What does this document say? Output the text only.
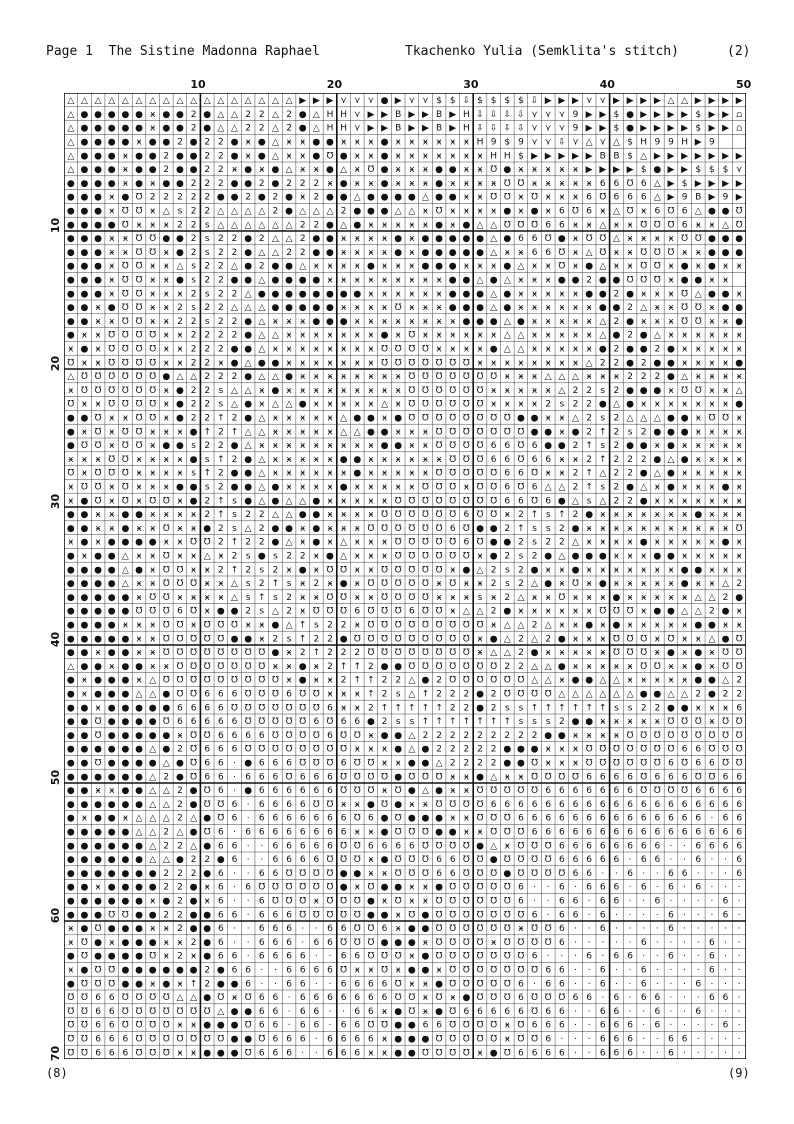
Page 1  The Sistine Madonna Raphael	Tkachenko Yulia (Semklita's stitch)	(2)
10	20	30	40	50
10
20
30
40
50
60
70
△ △ △ △ △ △ △ △ △ △ △ △ △ △ △ △ △ ▶ ▶ ▶ ⋎ ⋎ ⋎ ● ▶ ⋎ ⋎ $ $ ⇩ $ $ $ $ ⇩ ▶ ▶ ▶ ⋎ ⋎ ▶ ▶ ▶ ▶ △ △ ▶ ▶ ▶ ▶
△ ● ● ● ● ● ӿ ● ● 2 ● △ △ 2 2 △ 2 ● △ H H ⋎ ▶ ▶ B ▶ ▶ B ▶ H ⇩ ⇩ ⇩ ⇩ ⋎ ⋎ ⋎ 9 ▶ ▶ $ ● ▶ ▶ ▶ ▶ $ ▶ ▶ ⩍
△ ● ● ● ● ● ӿ ● ● 2 ● △ △ 2 2 △ 2 ● △ H H ⋎ ▶ ▶ B ▶ ▶ B ▶ H ⇩ ⇩ ⇩ ⇩ ⋎ ⋎ ⋎ 9 ▶ ▶ $ ● ▶ ▶ ▶ ▶ $ ▶ ▶ ⩍
△ ● ● ● ● ӿ ● ● 2 ● 2 2 ● ӿ ● △ ӿ ӿ ● ● ӿ ӿ ӿ ● ӿ ӿ ӿ ӿ ӿ ӿ H 9 $ 9 ⋎ ⋎ ⇩ ⋎ △ ⋎ △ $ H 9 9 H ▶ 9
△ ● ● ● ӿ ● ● 2 ● ● 2 2 ● ӿ ● △ ӿ ӿ ● Ʊ ● ӿ ӿ ● ӿ ӿ ӿ ӿ ӿ ӿ ӿ H H $ ▶ ▶ ▶ ▶ ▶ B B $ △ ▶ ▶ ▶ ▶ ▶ ▶ ▶
△ ● ● ● ӿ ● ● 2 ● ● 2 2 ӿ ● ӿ ● △ ӿ ӿ ● △ ӿ Ʊ ● ӿ ӿ ӿ ● ● ӿ ӿ Ʊ ● ӿ ӿ ӿ ӿ ӿ ▶ ▶ ▶ ▶ $ ● ▶ ▶ $ $ $ ⋎
● ● ● ● ӿ ● ӿ ● ● 2 2 2 ● ● 2 ● 2 2 2 ӿ ● ӿ ӿ ● ӿ ӿ ӿ ● ӿ ӿ ӿ ӿ Ʊ Ʊ ӿ ӿ ӿ ӿ ӿ 6 6 Ʊ 6 △ ▶ $ ▶ ▶ ▶ ▶
● ● ● ӿ ● Ʊ 2 2 2 2 2 ● ● 2 ● 2 ● ӿ 2 ● ● △ ● ● ● ● △ ● ● ӿ ӿ Ʊ Ʊ ӿ Ʊ ӿ ӿ ӿ 6 Ʊ 6 6 6 △ ▶ 9 B ▶ 9 ▶
● ● ● ӿ Ʊ Ʊ ӿ △ s 2 2 △ △ △ △ 2 ● △ △ △ 2 ● ● ● △ △ ӿ Ʊ ӿ ӿ ӿ ӿ ● ӿ ● ӿ 6 Ʊ 6 ӿ △ Ʊ ӿ 6 Ʊ 6 △ ● ● Ʊ
● ● ● ● Ʊ ӿ ӿ ӿ 2 2 s △ △ △ △ △ △ 2 2 ● △ ● ӿ ӿ ӿ ӿ ӿ ● ӿ ● △ △ Ʊ Ʊ Ʊ 6 6 ӿ ӿ △ ӿ ӿ Ʊ Ʊ Ʊ 6 ӿ ӿ △ Ʊ
● ● ● ӿ ӿ Ʊ Ʊ ● ● 2 s 2 2 ● 2 △ △ 2 ● ● ӿ ӿ ӿ ӿ ● ӿ ● ● ● ● ● △ ● 6 6 Ʊ ● ӿ Ʊ Ʊ △ ӿ ӿ ӿ ӿ Ʊ Ʊ ● ● ●
● ● ● ӿ ӿ Ʊ Ʊ ӿ ● 2 s 2 2 ● △ △ 2 2 ● ● ӿ ӿ ӿ ӿ ● ӿ ● ● ● ● ● △ ӿ ӿ 6 6 Ʊ ӿ △ Ʊ ӿ ӿ Ʊ Ʊ Ʊ ӿ ӿ ● ● ●
● ● ● ӿ Ʊ Ʊ ӿ ӿ △ s 2 2 △ ● 2 ● ● △ ӿ ӿ ӿ ӿ ● ӿ ӿ ӿ ● ● ● ӿ ӿ ӿ ● △ ӿ ӿ Ʊ ӿ ● △ ӿ ӿ Ʊ Ʊ ӿ ● ӿ ● ӿ ӿ
● ● ● ӿ Ʊ Ʊ ӿ ӿ ● s 2 2 ● ● △ ● ● ● ● ӿ ӿ ӿ ӿ ӿ ӿ ӿ ӿ ӿ ● ● △ ● △ ӿ ӿ ӿ ● ● 2 ● ● Ʊ Ʊ Ʊ ӿ ● ● ӿ ӿ
● ● ● ӿ Ʊ Ʊ ӿ ӿ ӿ 2 s 2 2 △ ● ● ● ● ● ● ● ● ӿ ӿ ӿ ӿ ӿ ӿ ● ● ● △ ● ӿ ӿ ӿ ӿ ӿ ● ● 2 ● ӿ ӿ ӿ Ʊ △ ● ● ӿ
● ● ӿ ● Ʊ Ʊ ӿ ӿ 2 s 2 2 △ △ △ ● ● ● ● ● ӿ ӿ ӿ ӿ Ʊ ӿ ӿ ӿ ● ● ● △ ● ӿ ӿ ӿ ӿ ӿ ӿ ● ● 2 △ ӿ ӿ Ʊ Ʊ ӿ ● ●
● ● ӿ ӿ Ʊ Ʊ ӿ ӿ 2 2 s 2 2 ● △ ӿ ӿ ӿ ● ● ● ӿ ӿ ӿ ӿ ӿ ӿ ӿ ӿ ● ● ● △ ● ӿ ӿ ӿ ӿ ӿ △ 2 ● ӿ ӿ ӿ Ʊ Ʊ ӿ ӿ ●
● ӿ ӿ Ʊ Ʊ Ʊ Ʊ ӿ ӿ 2 2 2 2 ● △ △ ӿ ӿ ӿ ӿ ӿ ӿ ӿ ● ӿ Ʊ ӿ ӿ ӿ ӿ ӿ ӿ △ △ ӿ ӿ ӿ ӿ ӿ △ ● 2 ● △ ӿ ӿ ӿ ӿ ӿ ӿ
ӿ ● ӿ Ʊ Ʊ Ʊ Ʊ ӿ ӿ 2 2 2 ● ● △ ӿ ӿ ӿ ӿ ӿ ӿ ӿ ӿ Ʊ Ʊ Ʊ Ʊ ӿ ӿ ӿ ӿ ● △ △ ӿ ӿ ӿ ӿ ӿ ● 2 ● ● 2 ● ӿ ӿ ӿ ӿ ӿ
Ʊ ӿ ӿ Ʊ Ʊ Ʊ Ʊ ӿ ӿ 2 2 ӿ ● △ ● ● ӿ ӿ ӿ ӿ ӿ ӿ ӿ Ʊ Ʊ Ʊ Ʊ Ʊ Ʊ Ʊ ӿ ӿ ӿ ӿ ӿ ӿ ӿ ӿ △ 2 2 ● 2 ● ● ӿ ӿ ӿ ӿ ●
△ Ʊ Ʊ Ʊ Ʊ Ʊ Ʊ ● △ △ 2 2 2 ● △ △ ● ӿ ӿ ӿ ӿ ӿ ӿ ӿ ӿ Ʊ Ʊ Ʊ Ʊ Ʊ Ʊ Ʊ ӿ ӿ ӿ △ △ △ ӿ ӿ ӿ 2 2 2 ● △ ӿ ӿ ӿ ӿ
ӿ Ʊ Ʊ Ʊ Ʊ Ʊ Ʊ ӿ ● 2 2 s △ △ ӿ ● ӿ ӿ ӿ ӿ ӿ ӿ ӿ ӿ ӿ Ʊ Ʊ Ʊ Ʊ Ʊ Ʊ ӿ ӿ ӿ ӿ ӿ △ 2 2 s 2 ● ● ● ӿ Ʊ Ʊ ӿ ӿ △
Ʊ ӿ ӿ Ʊ Ʊ Ʊ Ʊ ӿ ● 2 2 s △ ● ӿ △ △ ● ӿ ӿ ӿ ӿ ӿ △ ӿ Ʊ Ʊ Ʊ Ʊ Ʊ Ʊ ӿ ӿ ӿ ӿ 2 s 2 2 ● △ ● ӿ ӿ ӿ ӿ ӿ ӿ ӿ ●
● ● Ʊ ӿ ӿ Ʊ Ʊ ӿ ● 2 2 ↑ 2 ● △ ӿ ӿ ӿ ӿ ӿ △ ● ● ӿ ● Ʊ Ʊ Ʊ Ʊ Ʊ Ʊ Ʊ Ʊ ● ● ӿ ӿ △ 2 s 2 △ △ △ ● ● ӿ Ʊ Ʊ ӿ
● ӿ Ʊ ӿ Ʊ Ʊ ӿ ӿ ӿ ● ↑ 2 ↑ △ △ ӿ ӿ ӿ ӿ ӿ △ △ ● ● ӿ ӿ ӿ Ʊ Ʊ Ʊ Ʊ Ʊ Ʊ Ʊ ● ● ӿ ● 2 ↑ 2 s 2 ● ● ● ӿ ӿ ӿ ӿ
● Ʊ Ʊ ӿ Ʊ Ʊ ӿ ● ● s 2 2 ● △ ӿ ӿ ӿ ӿ ӿ ӿ ӿ ӿ ӿ ● ● ӿ ӿ Ʊ Ʊ Ʊ Ʊ 6 6 Ʊ 6 ● ● 2 ↑ s 2 ● ● ӿ ● ӿ ӿ ӿ ӿ ӿ
ӿ ӿ ӿ Ʊ Ʊ ӿ ӿ ӿ ӿ ● s ↑ 2 ● △ ӿ ӿ ӿ ӿ ӿ ● ● ӿ ӿ ӿ ӿ ӿ ӿ Ʊ Ʊ Ʊ 6 6 Ʊ 6 6 ӿ ӿ 2 ↑ 2 2 2 ● △ ● ӿ ӿ ӿ ӿ
Ʊ ӿ Ʊ Ʊ Ʊ ӿ ӿ ӿ ӿ s ↑ 2 ● ● △ ӿ ӿ ӿ ӿ ӿ ӿ ● ӿ ӿ ӿ ӿ ӿ Ʊ Ʊ Ʊ Ʊ Ʊ 6 6 Ʊ ӿ ӿ 2 ↑ △ 2 2 ● △ ● ӿ ӿ ӿ ӿ ӿ
ӿ Ʊ Ʊ ӿ Ʊ ӿ ӿ ӿ ● ● s 2 ● ● △ ● ӿ ӿ ӿ ӿ ● ӿ ӿ ӿ ӿ ӿ Ʊ Ʊ Ʊ ӿ Ʊ Ʊ 6 Ʊ 6 △ △ 2 ↑ s 2 ● △ ӿ ● ӿ ӿ ӿ ● ӿ
ӿ ● Ʊ ӿ Ʊ ӿ Ʊ Ʊ ӿ ● 2 ↑ s ● △ ● △ △ ● ӿ ӿ ӿ ӿ ӿ Ʊ Ʊ Ʊ Ʊ Ʊ Ʊ Ʊ Ʊ 6 6 Ʊ 6 ● △ s △ 2 2 ● ӿ ӿ ӿ ӿ ӿ ӿ ӿ
● ● ӿ ӿ ● ● ӿ ӿ ӿ ӿ 2 ↑ s 2 2 △ △ ● ● ӿ ӿ ӿ ӿ Ʊ Ʊ Ʊ Ʊ Ʊ Ʊ 6 Ʊ Ʊ ӿ 2 ↑ s ↑ 2 ● ӿ ӿ ӿ ӿ ӿ ӿ ӿ ● ӿ ӿ ӿ
● ● ӿ ӿ ● ӿ ӿ Ʊ ӿ ӿ ● 2 s △ 2 ● ● ӿ ● ӿ ӿ ӿ Ʊ Ʊ Ʊ Ʊ Ʊ Ʊ 6 Ʊ ● ● 2 ↑ s s 2 ● ӿ ӿ ӿ ӿ ӿ ӿ ӿ ӿ ӿ ӿ ӿ Ʊ
ӿ ● ӿ ● ● ● ● ӿ ӿ Ʊ Ʊ 2 ↑ 2 2 ● △ ӿ ● ӿ △ ӿ ӿ ӿ Ʊ Ʊ Ʊ Ʊ Ʊ 6 Ʊ ● ● 2 s 2 2 △ ӿ ӿ ӿ ӿ ● ӿ ӿ ӿ ӿ ӿ ● ӿ
● ӿ ● ● △ ӿ ӿ Ʊ ӿ ӿ △ ӿ 2 s ● s 2 2 ӿ ● △ ӿ ӿ ӿ Ʊ Ʊ Ʊ Ʊ Ʊ Ʊ ӿ ● 2 s 2 ● △ ● ● ● ӿ ӿ ӿ ● ● ӿ ӿ ӿ ӿ ӿ
● ● ● ● △ ● ӿ Ʊ Ʊ ӿ ӿ 2 ↑ 2 s 2 ӿ ● ӿ Ʊ Ʊ ӿ ӿ Ʊ Ʊ Ʊ Ʊ Ʊ ӿ ● △ 2 s 2 ● ӿ ӿ ● ӿ ӿ ӿ ӿ ӿ ӿ ӿ ● ● ӿ ӿ ӿ
● ● ● ● △ ӿ ӿ Ʊ Ʊ Ʊ ӿ ӿ △ s 2 ↑ s ӿ 2 ӿ ● ӿ Ʊ Ʊ Ʊ Ʊ Ʊ ӿ Ʊ ӿ ӿ 2 s 2 △ ● ӿ Ʊ ӿ ● ӿ ӿ ӿ ӿ ӿ ● ӿ ӿ △ 2
● ● ● ● ● ӿ Ʊ Ʊ ӿ ӿ ӿ ӿ △ s ↑ s 2 ӿ ӿ Ʊ Ʊ ӿ ӿ Ʊ Ʊ Ʊ Ʊ ӿ ӿ ӿ s ӿ 2 △ ӿ ӿ Ʊ ӿ ӿ ӿ ● ӿ ӿ ӿ ӿ ӿ △ △ 2 ●
● ● ● ● ● Ʊ Ʊ Ʊ 6 Ʊ ӿ ● ● 2 s △ 2 ӿ Ʊ Ʊ Ʊ 6 Ʊ Ʊ Ʊ 6 Ʊ Ʊ ӿ △ △ 2 ● ӿ ӿ ӿ ӿ ӿ ӿ Ʊ Ʊ Ʊ ӿ ● ● △ △ 2 ● ӿ
● ● ● ● ӿ ӿ ӿ Ʊ Ʊ ӿ Ʊ Ʊ Ʊ ӿ ӿ ● △ ↑ s 2 2 ӿ Ʊ Ʊ Ʊ Ʊ Ʊ Ʊ Ʊ Ʊ Ʊ ӿ △ △ 2 △ ӿ ӿ ● ӿ ● ӿ ӿ ӿ ӿ ӿ ● ● ӿ ӿ
● ● ● ● ● ӿ ӿ Ʊ Ʊ Ʊ Ʊ Ʊ ● ● ӿ 2 s ↑ 2 2 ● Ʊ Ʊ Ʊ Ʊ Ʊ Ʊ Ʊ Ʊ Ʊ ӿ ● △ 2 △ 2 ● ӿ ӿ ӿ Ʊ Ʊ Ʊ ӿ Ʊ ӿ ӿ △ ● Ʊ
● ● ӿ ● ● ӿ ӿ Ʊ Ʊ Ʊ Ʊ Ʊ Ʊ Ʊ Ʊ ● ӿ 2 ↑ 2 2 2 Ʊ Ʊ Ʊ Ʊ Ʊ Ʊ Ʊ Ʊ ӿ △ △ 2 ● ӿ ӿ ӿ ӿ ӿ Ʊ Ʊ Ʊ ӿ ● ӿ ● ӿ Ʊ Ʊ
△ ● ● ӿ ● ● ӿ ӿ Ʊ Ʊ Ʊ Ʊ Ʊ Ʊ Ʊ ӿ ӿ ● ӿ 2 ↑ ↑ 2 ● ● Ʊ Ʊ Ʊ Ʊ Ʊ Ʊ Ʊ 2 2 △ △ ● ӿ ӿ ӿ ӿ ӿ Ʊ Ʊ ӿ ӿ ● ӿ Ʊ Ʊ
● ӿ ● ● ● ӿ △ Ʊ Ʊ Ʊ Ʊ Ʊ Ʊ Ʊ Ʊ Ʊ ӿ ● ӿ ӿ 2 ↑ ↑ 2 2 △ ● 2 Ʊ Ʊ Ʊ Ʊ Ʊ Ʊ △ △ ӿ ● ● △ △ ӿ ӿ ӿ ӿ ӿ ● ● △ 2
● ӿ ● ● ● △ △ ● Ʊ Ʊ 6 6 6 Ʊ Ʊ Ʊ 6 Ʊ Ʊ ӿ ӿ ӿ ↑ 2 s △ ↑ 2 2 2 ● 2 Ʊ Ʊ Ʊ Ʊ △ △ △ △ △ △ ● ● △ △ 2 ● 2 2
● ● ӿ ● ● ● ● ● 6 6 6 6 Ʊ Ʊ Ʊ Ʊ Ʊ Ʊ Ʊ 6 ӿ ӿ 2 ↑ ↑ ↑ ↑ ↑ 2 2 ● 2 s s ↑ ↑ ↑ ↑ ↑ ↑ s s 2 2 ● ● ӿ ӿ ӿ 6
● ● Ʊ ● ● ● ● Ʊ 6 6 6 6 6 Ʊ Ʊ Ʊ Ʊ Ʊ 6 Ʊ 6 6 ● 2 s s ↑ ↑ ↑ ↑ ↑ ↑ ↑ s s s 2 ● ● ӿ ӿ ӿ ӿ ӿ Ʊ Ʊ Ʊ ӿ Ʊ Ʊ
● ● Ʊ ● ● ● ● ● ӿ Ʊ Ʊ 6 6 6 6 Ʊ Ʊ Ʊ Ʊ 6 Ʊ Ʊ ӿ ● ● △ 2 2 2 2 2 2 2 2 2 ● ● ӿ ӿ ӿ ӿ Ʊ Ʊ Ʊ Ʊ Ʊ Ʊ Ʊ Ʊ Ʊ
● ● ● ● ● ● △ ● 2 Ʊ 6 6 6 Ʊ Ʊ Ʊ Ʊ Ʊ Ʊ Ʊ Ʊ ӿ ӿ ӿ ● △ ● 2 2 2 2 2 ● ● ● ӿ ӿ ӿ Ʊ Ʊ Ʊ Ʊ Ʊ Ʊ Ʊ 6 6 Ʊ Ʊ Ʊ
● ● Ʊ ● ● ● ● △ ● Ʊ 6 6 · ● 6 6 6 Ʊ Ʊ Ʊ 6 Ʊ Ʊ ӿ ӿ ● ● △ 2 2 2 2 ● ● Ʊ ӿ ӿ ӿ Ʊ Ʊ Ʊ Ʊ Ʊ Ʊ 6 Ʊ 6 6 Ʊ Ʊ
● ● ● ● ● ● △ 2 ● Ʊ 6 6 · 6 6 6 Ʊ 6 6 6 Ʊ Ʊ Ʊ Ʊ ● Ʊ Ʊ Ʊ ӿ ӿ ● △ ӿ ӿ Ʊ Ʊ Ʊ Ʊ 6 6 6 6 Ʊ 6 6 6 Ʊ Ʊ 6 6
● ● ӿ ӿ ● ● △ △ 2 ● Ʊ 6 · ● 6 6 6 6 6 6 Ʊ Ʊ Ʊ ӿ Ʊ ● △ ● ӿ ӿ Ʊ Ʊ Ʊ Ʊ Ʊ 6 6 6 6 6 6 6 Ʊ Ʊ Ʊ Ʊ 6 6 6 6
● ● ● ● ● ● △ △ 2 ● Ʊ Ʊ 6 · 6 6 6 6 Ʊ Ʊ ӿ ӿ ● Ʊ ● ӿ ӿ Ʊ Ʊ Ʊ Ʊ 6 6 6 6 6 6 6 6 6 6 6 6 6 6 6 6 6 6 6
● ӿ ● ● ӿ △ △ △ 2 △ ● Ʊ 6 · 6 6 6 6 6 6 6 Ʊ 6 ● Ʊ ● ● ● ӿ ӿ Ʊ Ʊ Ʊ 6 6 6 6 6 6 6 6 6 6 6 6 6 6 · 6 6
● ● ● ● ● △ △ 2 △ ● Ʊ 6 · 6 6 6 6 6 6 6 6 ӿ ӿ ● Ʊ Ʊ Ʊ ● ● ӿ ӿ Ʊ Ʊ Ʊ 6 6 6 6 6 6 6 6 6 6 6 6 6 6 6 6
● ● ● ● ● ● △ 2 2 △ ● 6 6 · · 6 6 6 6 6 Ʊ Ʊ 6 6 6 6 Ʊ Ʊ Ʊ Ʊ ● △ ӿ Ʊ Ʊ Ʊ 6 6 6 6 6 6 6 6 · · 6 6 6 6
● ● ● ● ● ● △ △ ● 2 2 ● 6 · · 6 6 6 6 Ʊ Ʊ Ʊ ӿ ● Ʊ Ʊ Ʊ 6 6 Ʊ Ʊ ● Ʊ Ʊ Ʊ Ʊ 6 6 6 6 6 · 6 6 · · 6 · · 6
● ● ● ● ● ● ● 2 2 2 ● 6 · · 6 6 Ʊ Ʊ Ʊ Ʊ ● ● ӿ ӿ Ʊ Ʊ Ʊ 6 6 Ʊ Ʊ Ʊ ● Ʊ Ʊ Ʊ Ʊ 6 6 · · 6 · · 6 6 · · · 6
● ● ӿ ● ● ● ● 2 2 ● ӿ 6 · 6 Ʊ Ʊ Ʊ Ʊ Ʊ Ʊ ● ӿ Ʊ ● ● ӿ ӿ ● Ʊ Ʊ Ʊ Ʊ Ʊ 6 · · 6 · 6 6 6 · 6 · 6 · 6 · · ·
● ● ● ● ● ● ӿ ● 2 ● ӿ 6 · · 6 Ʊ Ʊ Ʊ ӿ Ʊ Ʊ Ʊ ● ӿ Ʊ ӿ ӿ Ʊ Ʊ Ʊ Ʊ Ʊ Ʊ 6 · · 6 6 · 6 6 · · 6 · · · · 6 ·
● ● ● Ʊ Ʊ ● ● 2 2 ● ● 6 6 · 6 6 6 Ʊ Ʊ Ʊ Ʊ Ʊ ● ● ӿ Ʊ ● Ʊ Ʊ Ʊ Ʊ Ʊ Ʊ Ʊ 6 · 6 6 · 6 · · · · 6 · · · 6 ·
ӿ ● Ʊ ● ● ● ӿ ӿ 2 ● ● 6 · · 6 6 6 · · 6 6 Ʊ Ʊ 6 ӿ ● ● Ʊ Ʊ Ʊ Ʊ Ʊ Ʊ ӿ Ʊ Ʊ 6 · · 6 · · · · 6 · · · · ·
ӿ Ʊ ● ӿ ● ● ● ӿ ӿ 2 ● 6 · · 6 6 6 · 6 6 Ʊ Ʊ Ʊ ● ● ● ӿ Ʊ Ʊ Ʊ Ʊ ӿ Ʊ Ʊ Ʊ Ʊ 6 · · · · · 6 · · · · 6 · ·
● Ʊ ● ● ● ● Ʊ ӿ 2 ӿ ● 6 6 · 6 6 6 6 · · 6 6 Ʊ Ʊ Ʊ ӿ ● Ʊ Ʊ Ʊ Ʊ Ʊ Ʊ Ʊ 6 · · · 6 · 6 6 · · 6 · · 6 · ·
ӿ ● Ʊ Ʊ ● ● ● ● ● ● 2 ● 6 6 · · 6 6 6 6 Ʊ ӿ ӿ Ʊ ӿ ● ● ӿ Ʊ Ʊ Ʊ Ʊ Ʊ Ʊ Ʊ 6 6 · · 6 · · 6 · · · · 6 · ·
● Ʊ Ʊ Ʊ ● ● ӿ ● ӿ ↑ 2 ● ● 6 · · 6 6 · · 6 6 6 6 Ʊ ӿ ӿ ● Ʊ Ʊ Ʊ Ʊ Ʊ 6 · 6 6 · · 6 · · 6 · · · 6 · · ·
Ʊ Ʊ 6 6 Ʊ Ʊ Ʊ Ʊ △ △ ● Ʊ ӿ Ʊ 6 6 · 6 6 6 6 6 6 6 Ʊ Ʊ ӿ Ʊ ӿ ● Ʊ Ʊ Ʊ 6 Ʊ Ʊ Ʊ 6 6 · 6 · 6 6 · · · 6 6 ·
Ʊ Ʊ 6 6 Ʊ Ʊ Ʊ Ʊ Ʊ Ʊ Ʊ △ ● ● 6 6 · 6 6 · · 6 6 ӿ ● Ʊ ӿ ● Ʊ 6 6 6 6 6 Ʊ 6 6 · · 6 6 · · 6 · · 6 · · ·
Ʊ Ʊ 6 6 Ʊ Ʊ Ʊ Ʊ ӿ ӿ ● ● ● Ʊ 6 6 · 6 6 · 6 6 Ʊ Ʊ ● ● 6 6 Ʊ Ʊ Ʊ Ʊ ӿ Ʊ 6 6 6 · · 6 6 6 · 6 · · · · 6 ·
Ʊ Ʊ 6 6 6 Ʊ Ʊ Ʊ Ʊ Ʊ Ʊ Ʊ ● ● Ʊ 6 6 6 · 6 6 6 6 ӿ ● ● ● Ʊ Ʊ Ʊ Ʊ Ʊ ӿ Ʊ Ʊ 6 · · · 6 6 6 · · 6 6 · · · ·
Ʊ Ʊ 6 6 6 Ʊ Ʊ Ʊ ӿ ӿ ● ● ● Ʊ 6 6 6 · · 6 6 6 ӿ ӿ ● ● Ʊ Ʊ Ʊ Ʊ ӿ ● Ʊ 6 6 6 6 · · 6 6 6 · · 6 · · · · ·
(8)	(9)
